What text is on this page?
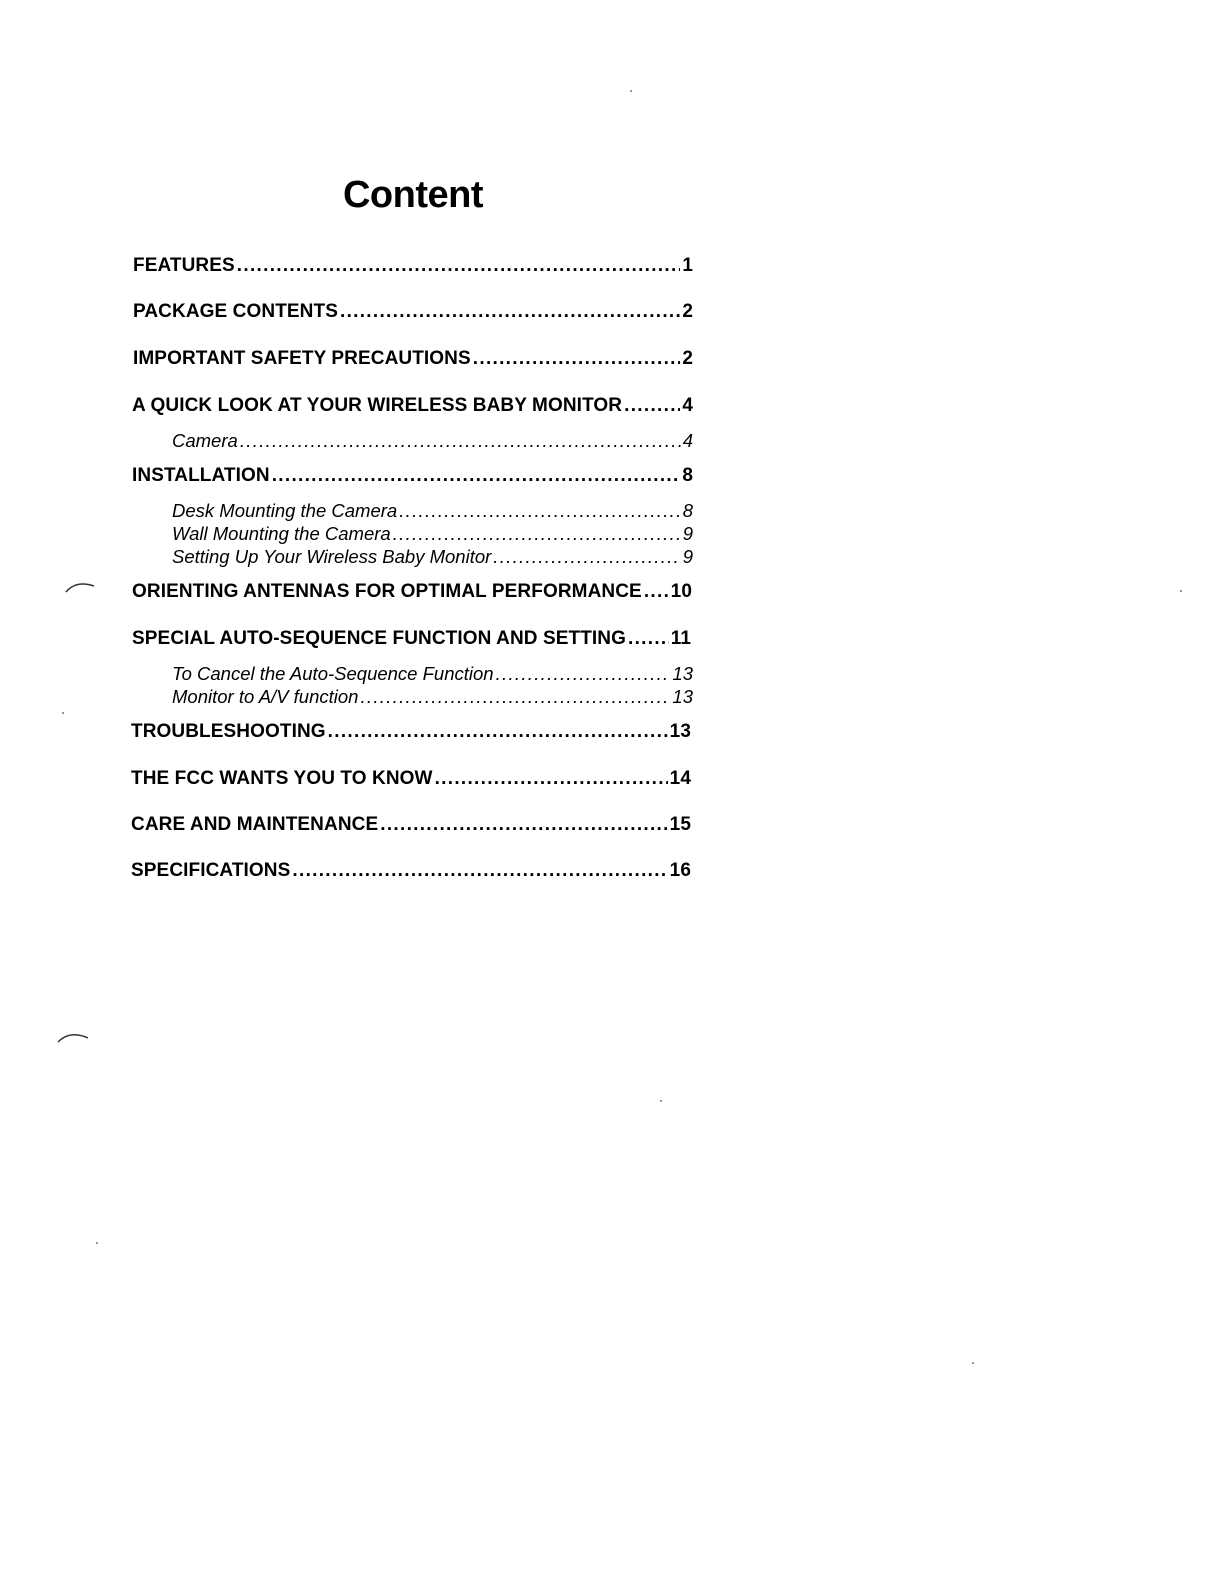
Content
FEATURES .....	1
PACKAGE CONTENTS .....	2
IMPORTANT SAFETY PRECAUTIONS .....	2
A QUICK LOOK AT YOUR WIRELESS BABY MONITOR .....	4
Camera .....	4
INSTALLATION .....	8
Desk Mounting the Camera .....	8
Wall Mounting the Camera .....	9
Setting Up Your Wireless Baby Monitor .....	9
ORIENTING ANTENNAS FOR OPTIMAL PERFORMANCE ..... 10
SPECIAL AUTO-SEQUENCE FUNCTION AND SETTING ..... 11
To Cancel the Auto-Sequence Function .....	13
Monitor to A/V function .....	13
TROUBLESHOOTING .....	13
THE FCC WANTS YOU TO KNOW .....	14
CARE AND MAINTENANCE .....	15
SPECIFICATIONS .....	16
